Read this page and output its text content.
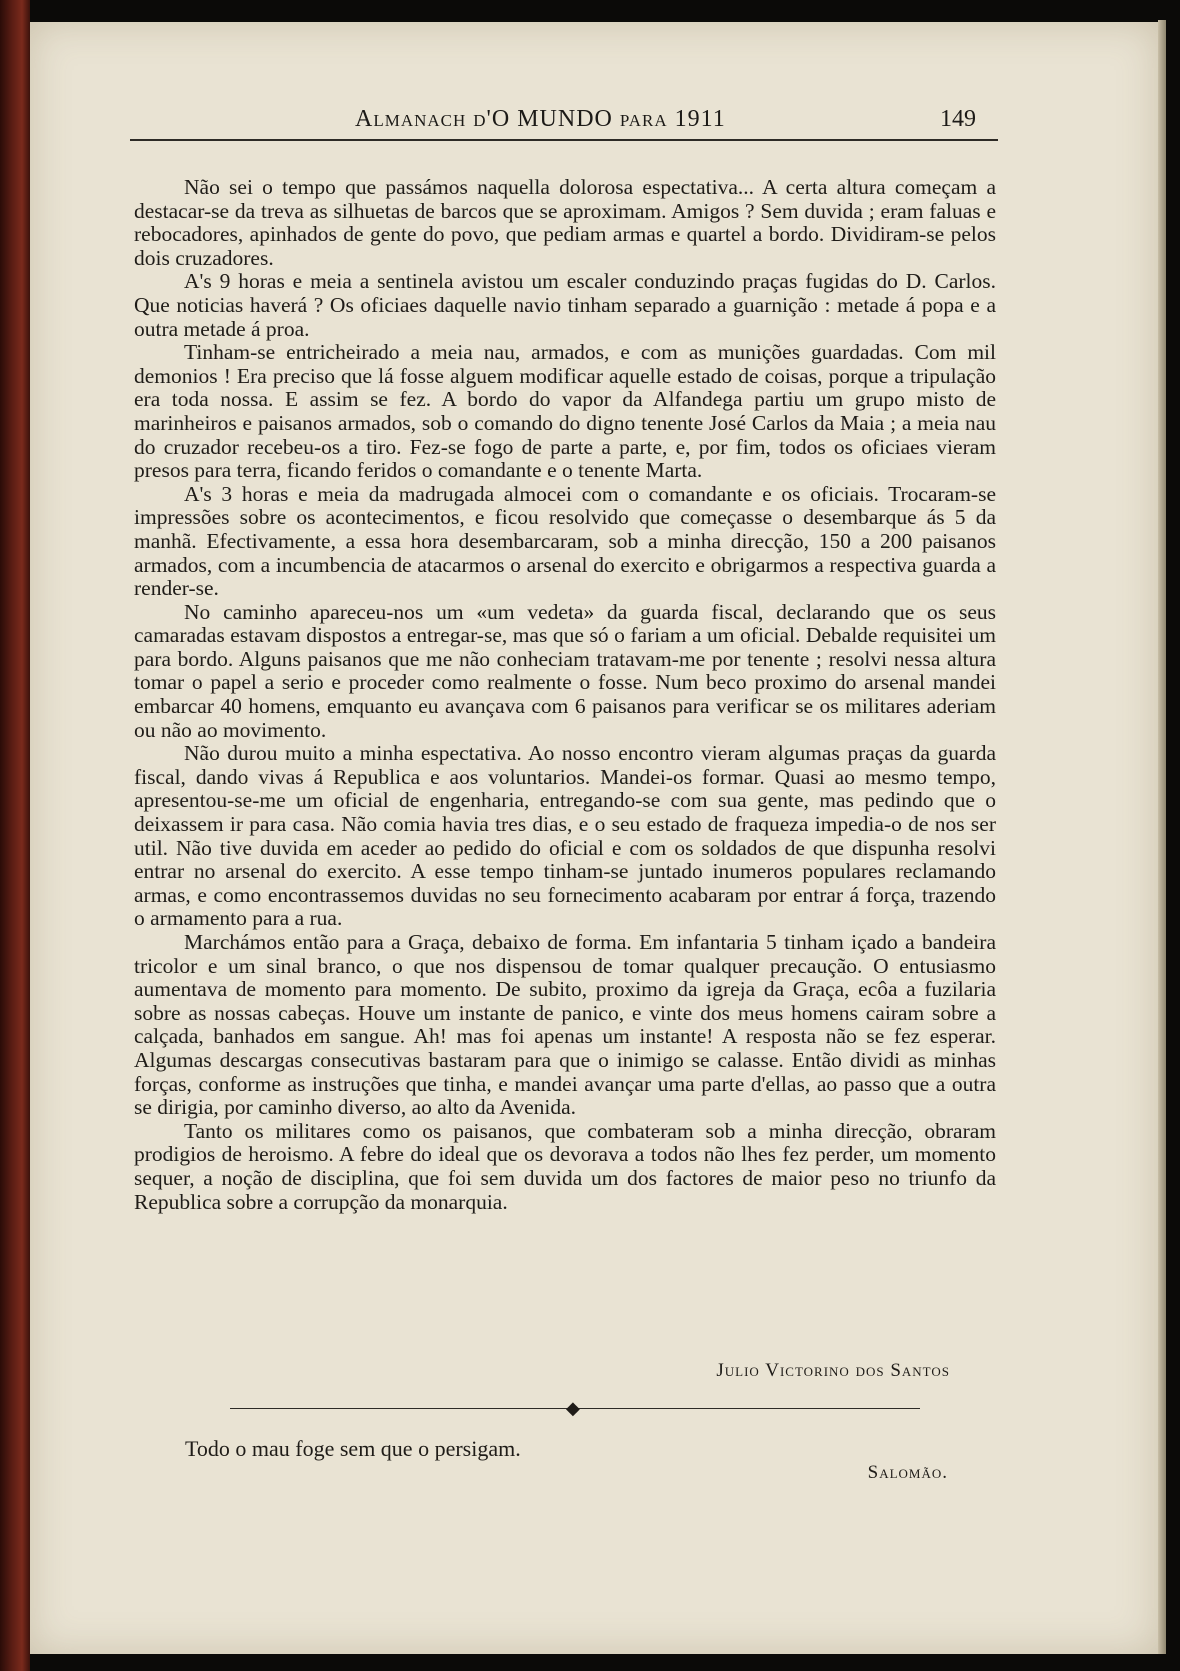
Almanach d'O MUNDO para 1911	149

Não sei o tempo que passámos naquella dolorosa espectativa... A certa altura começam a destacar-se da treva as silhuetas de barcos que se aproximam. Amigos ? Sem duvida ; eram faluas e rebocadores, apinhados de gente do povo, que pediam armas e quartel a bordo. Dividiram-se pelos dois cruzadores.

A's 9 horas e meia a sentinela avistou um escaler conduzindo praças fugidas do D. Carlos. Que noticias haverá ? Os oficiaes daquelle navio tinham separado a guarnição : metade á popa e a outra metade á proa.

Tinham-se entricheirado a meia nau, armados, e com as munições guardadas. Com mil demonios ! Era preciso que lá fosse alguem modificar aquelle estado de coisas, porque a tripulação era toda nossa. E assim se fez. A bordo do vapor da Alfandega partiu um grupo misto de marinheiros e paisanos armados, sob o comando do digno tenente José Carlos da Maia ; a meia nau do cruzador recebeu-os a tiro. Fez-se fogo de parte a parte, e, por fim, todos os oficiaes vieram presos para terra, ficando feridos o comandante e o tenente Marta.

A's 3 horas e meia da madrugada almocei com o comandante e os oficiais. Trocaram-se impressões sobre os acontecimentos, e ficou resolvido que começasse o desembarque ás 5 da manhã. Efectivamente, a essa hora desembarcaram, sob a minha direcção, 150 a 200 paisanos armados, com a incumbencia de atacarmos o arsenal do exercito e obrigarmos a respectiva guarda a render-se.

No caminho apareceu-nos um «um vedeta» da guarda fiscal, declarando que os seus camaradas estavam dispostos a entregar-se, mas que só o fariam a um oficial. Debalde requisitei um para bordo. Alguns paisanos que me não conheciam tratavam-me por tenente ; resolvi nessa altura tomar o papel a serio e proceder como realmente o fosse. Num beco proximo do arsenal mandei embarcar 40 homens, emquanto eu avançava com 6 paisanos para verificar se os militares aderiam ou não ao movimento.

Não durou muito a minha espectativa. Ao nosso encontro vieram algumas praças da guarda fiscal, dando vivas á Republica e aos voluntarios. Mandei-os formar. Quasi ao mesmo tempo, apresentou-se-me um oficial de engenharia, entregando-se com sua gente, mas pedindo que o deixassem ir para casa. Não comia havia tres dias, e o seu estado de fraqueza impedia-o de nos ser util. Não tive duvida em aceder ao pedido do oficial e com os soldados de que dispunha resolvi entrar no arsenal do exercito. A esse tempo tinham-se juntado inumeros populares reclamando armas, e como encontrassemos duvidas no seu fornecimento acabaram por entrar á força, trazendo o armamento para a rua.

Marchámos então para a Graça, debaixo de forma. Em infantaria 5 tinham içado a bandeira tricolor e um sinal branco, o que nos dispensou de tomar qualquer precaução. O entusiasmo aumentava de momento para momento. De subito, proximo da igreja da Graça, ecôa a fuzilaria sobre as nossas cabeças. Houve um instante de panico, e vinte dos meus homens cairam sobre a calçada, banhados em sangue. Ah! mas foi apenas um instante! A resposta não se fez esperar. Algumas descargas consecutivas bastaram para que o inimigo se calasse. Então dividi as minhas forças, conforme as instruções que tinha, e mandei avançar uma parte d'ellas, ao passo que a outra se dirigia, por caminho diverso, ao alto da Avenida.

Tanto os militares como os paisanos, que combateram sob a minha direcção, obraram prodigios de heroismo. A febre do ideal que os devorava a todos não lhes fez perder, um momento sequer, a noção de disciplina, que foi sem duvida um dos factores de maior peso no triunfo da Republica sobre a corrupção da monarquia.

Julio Victorino dos Santos
◆
Todo o mau foge sem que o persigam.
Salomão.
